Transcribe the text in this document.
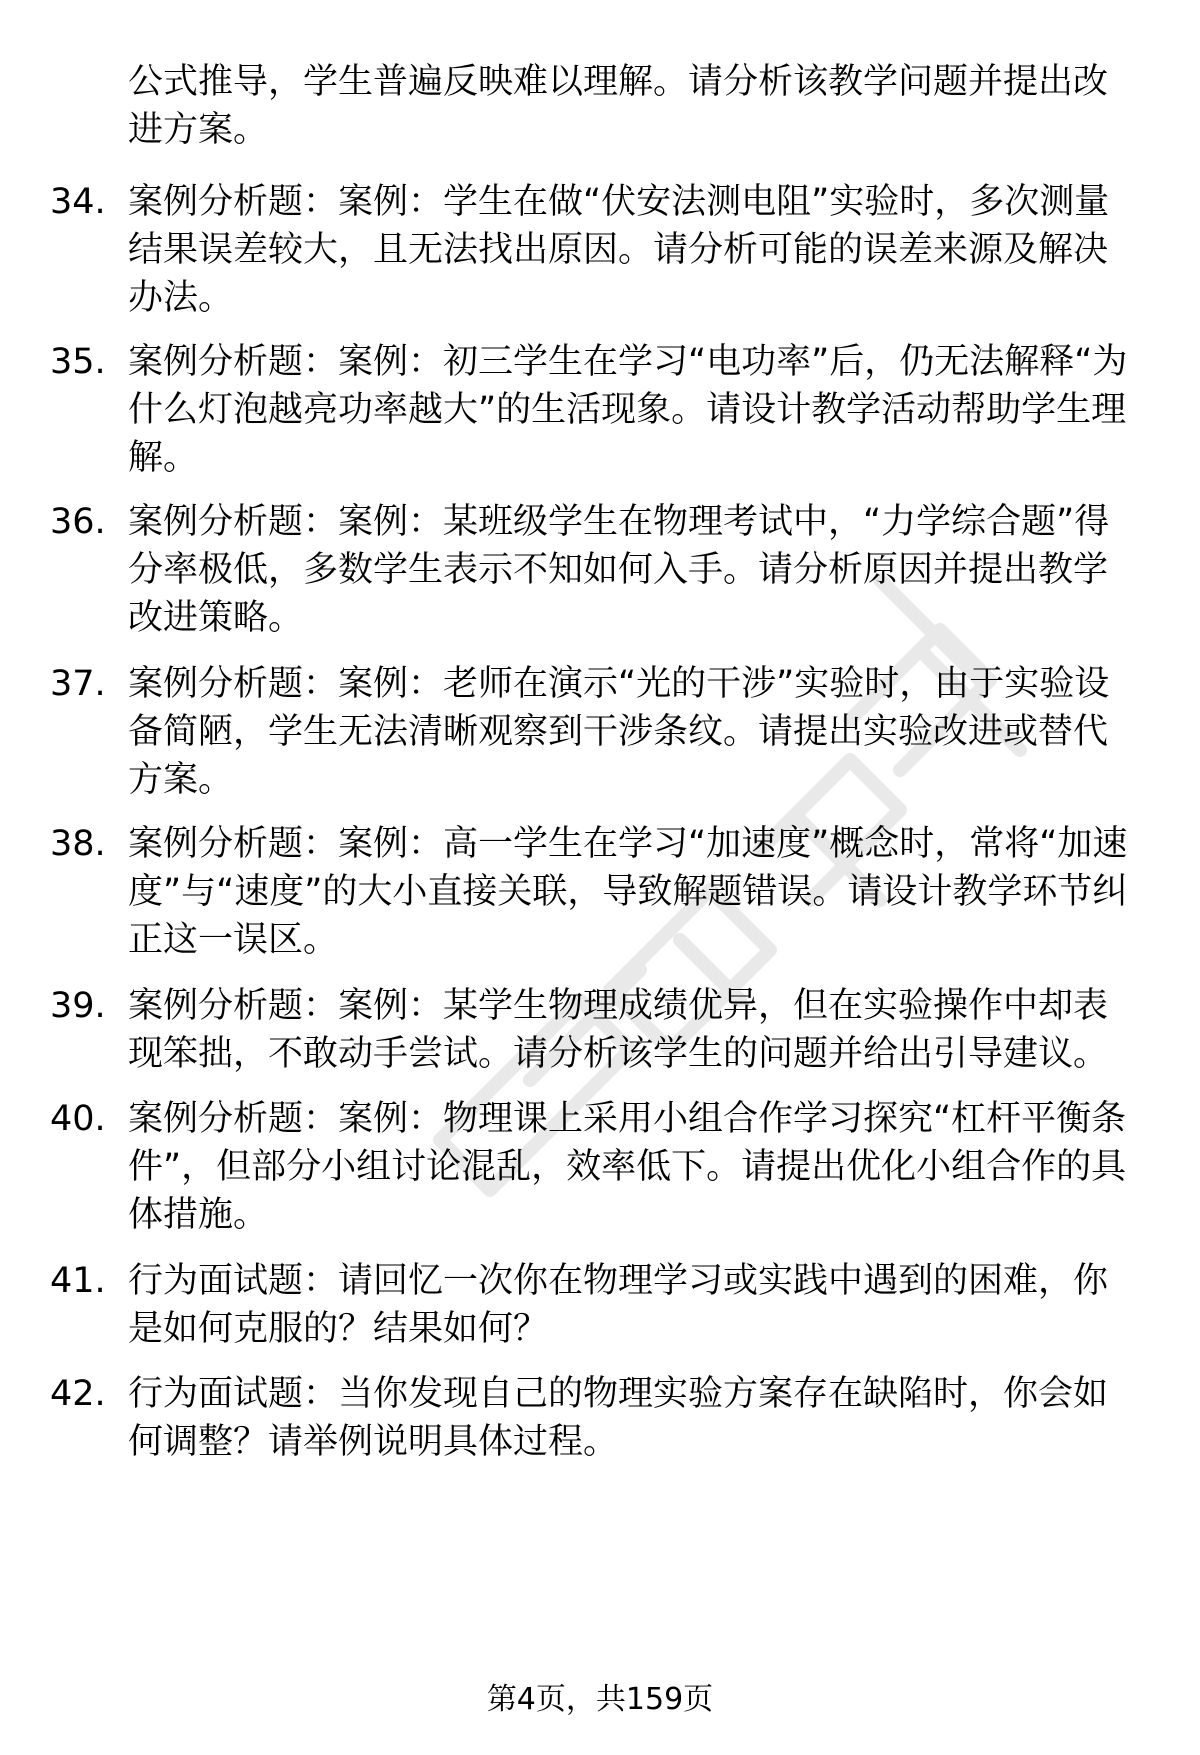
公式推导，学生普遍反映难以理解。请分析该教学问题并提出改进方案。

34. 案例分析题：案例：学生在做“伏安法测电阻”实验时，多次测量结果误差较大，且无法找出原因。请分析可能的误差来源及解决办法。
35. 案例分析题：案例：初三学生在学习“电功率”后，仍无法解释“为什么灯泡越亮功率越大”的生活现象。请设计教学活动帮助学生理解。
36. 案例分析题：案例：某班级学生在物理考试中，“力学综合题”得分率极低，多数学生表示不知如何入手。请分析原因并提出教学改进策略。
37. 案例分析题：案例：老师在演示“光的干涉”实验时，由于实验设备简陋，学生无法清晰观察到干涉条纹。请提出实验改进或替代方案。
38. 案例分析题：案例：高一学生在学习“加速度”概念时，常将“加速度”与“速度”的大小直接关联，导致解题错误。请设计教学环节纠正这一误区。
39. 案例分析题：案例：某学生物理成绩优异，但在实验操作中却表现笨拙，不敢动手尝试。请分析该学生的问题并给出引导建议。
40. 案例分析题：案例：物理课上采用小组合作学习探究“杠杆平衡条件”，但部分小组讨论混乱，效率低下。请提出优化小组合作的具体措施。
41. 行为面试题：请回忆一次你在物理学习或实践中遇到的困难，你是如何克服的？结果如何？
42. 行为面试题：当你发现自己的物理实验方案存在缺陷时，你会如何调整？请举例说明具体过程。
第4页，共159页
